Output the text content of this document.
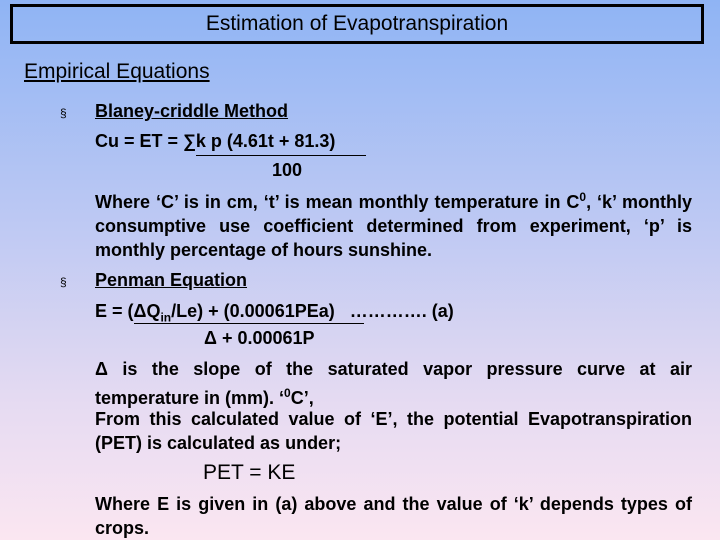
Estimation of Evapotranspiration
Empirical Equations
§ Blaney-criddle Method
Cu = ET = ∑k p (4.61t + 81.3)
100
Where ‘C’ is in cm, ‘t’ is mean monthly temperature in $C^0$, ‘k’ monthly consumptive use coefficient determined from experiment, ‘p’ is monthly percentage of hours sunshine.
§ Penman Equation
$E = (\Delta Q_{in}/Le) + (0.00061PEa)$ …………. (a)
Δ + 0.00061P
Δ is the slope of the saturated vapor pressure curve at air temperature in (mm). ‘$^0$C’,
From this calculated value of ‘E’, the potential Evapotranspiration (PET) is calculated as under;
PET = KE
Where E is given in (a) above and the value of ‘k’ depends types of crops.
